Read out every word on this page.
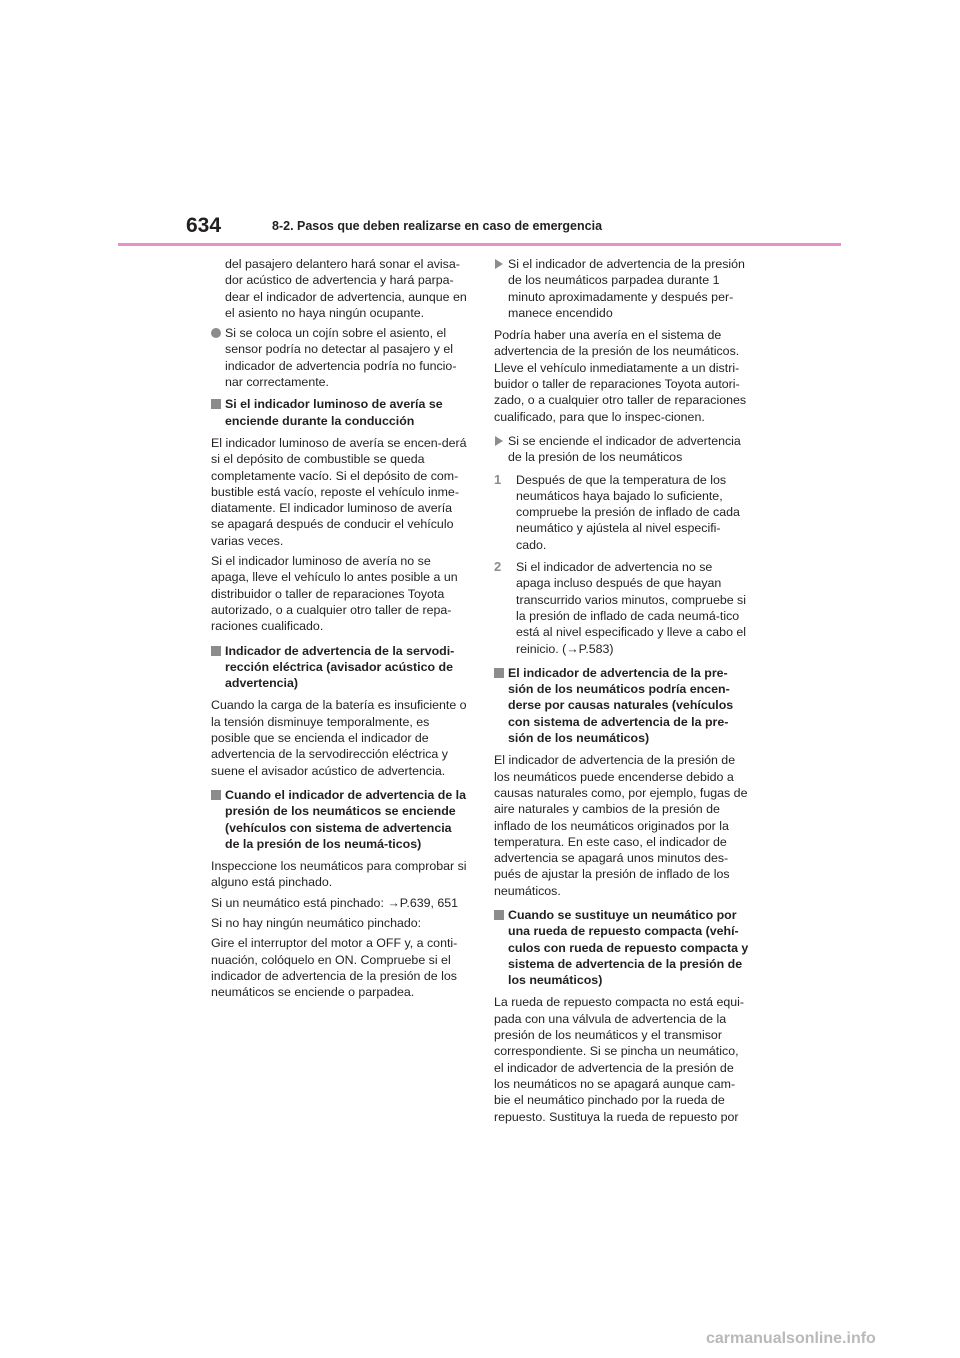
634	8-2. Pasos que deben realizarse en caso de emergencia

del pasajero delantero hará sonar el avisa-dor acústico de advertencia y hará parpa-dear el indicador de advertencia, aunque en el asiento no haya ningún ocupante.

Si se coloca un cojín sobre el asiento, el sensor podría no detectar al pasajero y el indicador de advertencia podría no funcio-nar correctamente.
Si el indicador luminoso de avería se enciende durante la conducción

El indicador luminoso de avería se encen-derá si el depósito de combustible se queda completamente vacío. Si el depósito de com-bustible está vacío, reposte el vehículo inme-diatamente. El indicador luminoso de avería se apagará después de conducir el vehículo varias veces.

Si el indicador luminoso de avería no se apaga, lleve el vehículo lo antes posible a un distribuidor o taller de reparaciones Toyota autorizado, o a cualquier otro taller de repa-raciones cualificado.

Indicador de advertencia de la servodi-rección eléctrica (avisador acústico de advertencia)

Cuando la carga de la batería es insuficiente o la tensión disminuye temporalmente, es posible que se encienda el indicador de advertencia de la servodirección eléctrica y suene el avisador acústico de advertencia.

Cuando el indicador de advertencia de la presión de los neumáticos se enciende (vehículos con sistema de advertencia de la presión de los neumá-ticos)

Inspeccione los neumáticos para comprobar si alguno está pinchado.

Si un neumático está pinchado: →P.639, 651

Si no hay ningún neumático pinchado:

Gire el interruptor del motor a OFF y, a conti-nuación, colóquelo en ON. Compruebe si el indicador de advertencia de la presión de los neumáticos se enciende o parpadea.

Si el indicador de advertencia de la presión de los neumáticos parpadea durante 1 minuto aproximadamente y después per-manece encendido

Podría haber una avería en el sistema de advertencia de la presión de los neumáticos. Lleve el vehículo inmediatamente a un distri-buidor o taller de reparaciones Toyota autori-zado, o a cualquier otro taller de reparaciones cualificado, para que lo inspec-cionen.

Si se enciende el indicador de advertencia de la presión de los neumáticos
1 Después de que la temperatura de los neumáticos haya bajado lo suficiente, compruebe la presión de inflado de cada neumático y ajústela al nivel especifi-cado.
2 Si el indicador de advertencia no se apaga incluso después de que hayan transcurrido varios minutos, compruebe si la presión de inflado de cada neumá-tico está al nivel especificado y lleve a cabo el reinicio. (→P.583)
El indicador de advertencia de la pre-sión de los neumáticos podría encen-derse por causas naturales (vehículos con sistema de advertencia de la pre-sión de los neumáticos)

El indicador de advertencia de la presión de los neumáticos puede encenderse debido a causas naturales como, por ejemplo, fugas de aire naturales y cambios de la presión de inflado de los neumáticos originados por la temperatura. En este caso, el indicador de advertencia se apagará unos minutos des-pués de ajustar la presión de inflado de los neumáticos.

Cuando se sustituye un neumático por una rueda de repuesto compacta (vehí-culos con rueda de repuesto compacta y sistema de advertencia de la presión de los neumáticos)

La rueda de repuesto compacta no está equi-pada con una válvula de advertencia de la presión de los neumáticos y el transmisor correspondiente. Si se pincha un neumático, el indicador de advertencia de la presión de los neumáticos no se apagará aunque cam-bie el neumático pinchado por la rueda de repuesto. Sustituya la rueda de repuesto por

carmanualsonline.info
